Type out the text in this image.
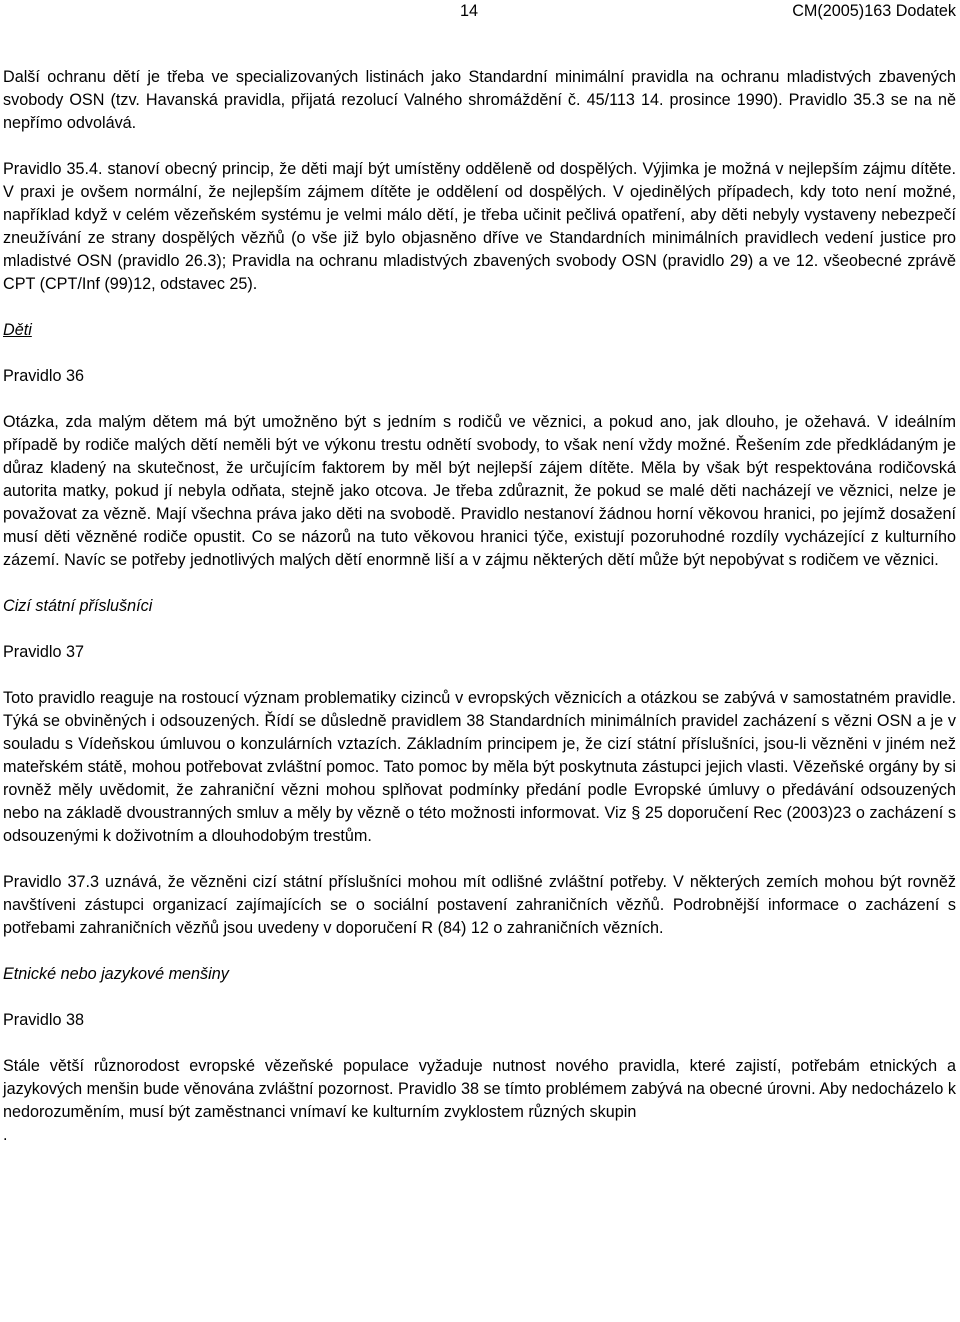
14	CM(2005)163 Dodatek

Další ochranu dětí je třeba ve specializovaných listinách jako Standardní minimální pravidla na ochranu mladistvých zbavených svobody OSN (tzv. Havanská pravidla, přijatá rezolucí Valného shromáždění č. 45/113 14. prosince 1990). Pravidlo 35.3 se na ně nepřímo odvolává.

Pravidlo 35.4. stanoví obecný princip, že děti mají být umístěny odděleně od dospělých. Výjimka je možná v nejlepším zájmu dítěte. V praxi je ovšem normální, že nejlepším zájmem dítěte je oddělení od dospělých. V ojedinělých případech, kdy toto není možné, například když v celém vězeňském systému je velmi málo dětí, je třeba učinit pečlivá opatření, aby děti nebyly vystaveny nebezpečí zneužívání ze strany dospělých vězňů (o vše již bylo objasněno dříve ve Standardních minimálních pravidlech vedení justice pro mladistvé OSN (pravidlo 26.3); Pravidla na ochranu mladistvých zbavených svobody OSN (pravidlo 29) a ve 12. všeobecné zprávě CPT (CPT/Inf (99)12, odstavec 25).

Děti
Pravidlo 36

Otázka, zda malým dětem má být umožněno být s jedním s rodičů ve věznici, a pokud ano, jak dlouho, je ožehavá. V ideálním případě by rodiče malých dětí neměli být ve výkonu trestu odnětí svobody, to však není vždy možné. Řešením zde předkládaným je důraz kladený na skutečnost, že určujícím faktorem by měl být nejlepší zájem dítěte. Měla by však být respektována rodičovská autorita matky, pokud jí nebyla odňata, stejně jako otcova. Je třeba zdůraznit, že pokud se malé děti nacházejí ve věznici, nelze je považovat za vězně. Mají všechna práva jako děti na svobodě. Pravidlo nestanoví žádnou horní věkovou hranici, po jejímž dosažení musí děti vězněné rodiče opustit. Co se názorů na tuto věkovou hranici týče, existují pozoruhodné rozdíly vycházející z kulturního zázemí. Navíc se potřeby jednotlivých malých dětí enormně liší a v zájmu některých dětí může být nepobývat s rodičem ve věznici.

Cizí státní příslušníci
Pravidlo 37

Toto pravidlo reaguje na rostoucí význam problematiky cizinců v evropských věznicích a otázkou se zabývá v samostatném pravidle. Týká se obviněných i odsouzených. Řídí se důsledně pravidlem 38 Standardních minimálních pravidel zacházení s vězni OSN a je v souladu s Vídeňskou úmluvou o konzulárních vztazích. Základním principem je, že cizí státní příslušníci, jsou-li vězněni v jiném než mateřském státě, mohou potřebovat zvláštní pomoc. Tato pomoc by měla být poskytnuta zástupci jejich vlasti. Vězeňské orgány by si rovněž měly uvědomit, že zahraniční vězni mohou splňovat podmínky předání podle Evropské úmluvy o předávání odsouzených nebo na základě dvoustranných smluv a měly by vězně o této možnosti informovat. Viz § 25 doporučení Rec (2003)23 o zacházení s odsouzenými k doživotním a dlouhodobým trestům.

Pravidlo 37.3 uznává, že vězněni cizí státní příslušníci mohou mít odlišné zvláštní potřeby. V některých zemích mohou být rovněž navštíveni zástupci organizací zajímajících se o sociální postavení zahraničních vězňů. Podrobnější informace o zacházení s potřebami zahraničních vězňů jsou uvedeny v doporučení R (84) 12 o zahraničních vězních.

Etnické nebo jazykové menšiny
Pravidlo 38

Stále větší různorodost evropské vězeňské populace vyžaduje nutnost nového pravidla, které zajistí, potřebám etnických a jazykových menšin bude věnována zvláštní pozornost. Pravidlo 38 se tímto problémem zabývá na obecné úrovni. Aby nedocházelo k nedorozuměním, musí být zaměstnanci vnímaví ke kulturním zvyklostem různých skupin

.
